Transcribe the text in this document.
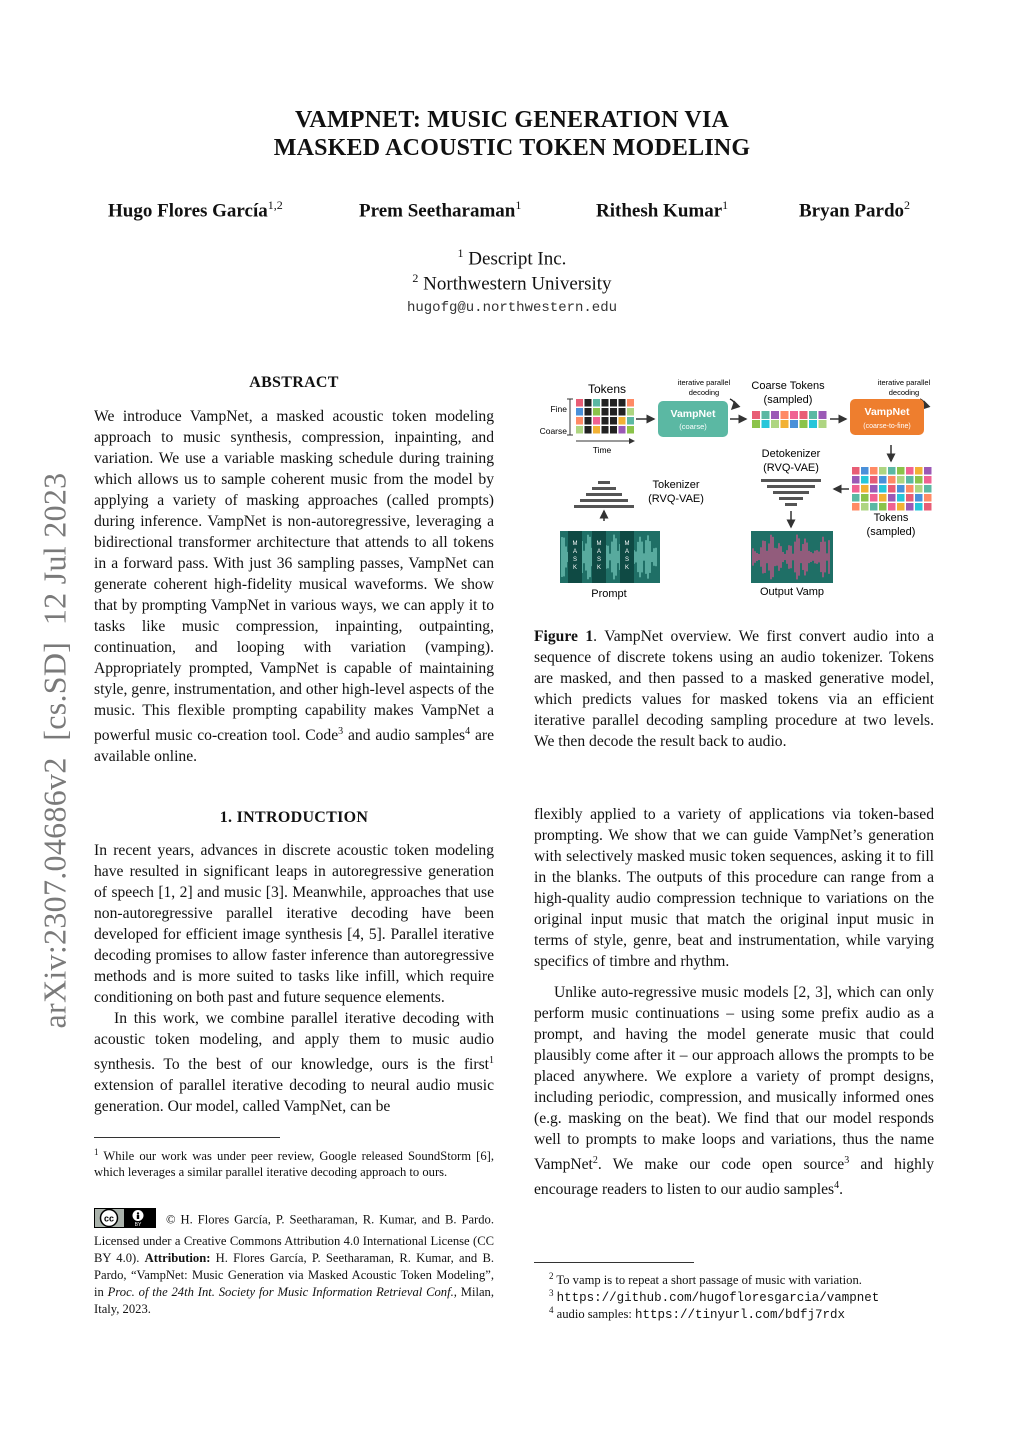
VAMPNET: MUSIC GENERATION VIA
MASKED ACOUSTIC TOKEN MODELING
Hugo Flores García$^{1,2}$	Prem Seetharaman$^1$	Rithesh Kumar$^1$	Bryan Pardo$^2$
$^1$ Descript Inc.
$^2$ Northwestern University
hugofg@u.northwestern.edu
arXiv:2307.04686v2  [cs.SD]  12 Jul 2023
ABSTRACT
We introduce VampNet, a masked acoustic token modeling approach to music synthesis, compression, inpainting, and variation. We use a variable masking schedule during training which allows us to sample coherent music from the model by applying a variety of masking approaches (called prompts) during inference. VampNet is non-autoregressive, leveraging a bidirectional transformer architecture that attends to all tokens in a forward pass. With just 36 sampling passes, VampNet can generate coherent high-fidelity musical waveforms. We show that by prompting VampNet in various ways, we can apply it to tasks like music compression, inpainting, outpainting, continuation, and looping with variation (vamping). Appropriately prompted, VampNet is capable of maintaining style, genre, instrumentation, and other high-level aspects of the music. This flexible prompting capability makes VampNet a powerful music co-creation tool. Code$^3$ and audio samples$^4$ are available online.
1. INTRODUCTION
In recent years, advances in discrete acoustic token modeling have resulted in significant leaps in autoregressive generation of speech [1, 2] and music [3]. Meanwhile, approaches that use non-autoregressive parallel iterative decoding have been developed for efficient image synthesis [4, 5]. Parallel iterative decoding promises to allow faster inference than autoregressive methods and is more suited to tasks like infill, which require conditioning on both past and future sequence elements.
In this work, we combine parallel iterative decoding with acoustic token modeling, and apply them to music audio synthesis. To the best of our knowledge, ours is the first$^1$ extension of parallel iterative decoding to neural audio music generation. Our model, called VampNet, can be
$^1$ While our work was under peer review, Google released SoundStorm [6], which leverages a similar parallel iterative decoding approach to ours.
cc
BY © H. Flores García, P. Seetharaman, R. Kumar, and B. Pardo. Licensed under a Creative Commons Attribution 4.0 International License (CC BY 4.0). Attribution: H. Flores García, P. Seetharaman, R. Kumar, and B. Pardo, “VampNet: Music Generation via Masked Acoustic Token Modeling”, in Proc. of the 24th Int. Society for Music Information Retrieval Conf., Milan, Italy, 2023.
Tokens
Fine
Coarse
Time
iterative parallel
decoding
VampNet
(coarse)
Coarse Tokens
(sampled)
iterative parallel
decoding
VampNet
(coarse-to-fine)
Tokens
(sampled)
Detokenizer
(RVQ-VAE)
Tokenizer
(RVQ-VAE)
M A S K
M A S K
M A S K
Prompt	Output Vamp
Figure 1. VampNet overview. We first convert audio into a sequence of discrete tokens using an audio tokenizer. Tokens are masked, and then passed to a masked generative model, which predicts values for masked tokens via an efficient iterative parallel decoding sampling procedure at two levels. We then decode the result back to audio.
flexibly applied to a variety of applications via token-based prompting. We show that we can guide VampNet’s generation with selectively masked music token sequences, asking it to fill in the blanks. The outputs of this procedure can range from a high-quality audio compression technique to variations on the original input music that match the original input music in terms of style, genre, beat and instrumentation, while varying specifics of timbre and rhythm.
Unlike auto-regressive music models [2, 3], which can only perform music continuations – using some prefix audio as a prompt, and having the model generate music that could plausibly come after it – our approach allows the prompts to be placed anywhere. We explore a variety of prompt designs, including periodic, compression, and musically informed ones (e.g. masking on the beat). We find that our model responds well to prompts to make loops and variations, thus the name VampNet$^2$. We make our code open source$^3$ and highly encourage readers to listen to our audio samples$^4$.
$^2$ To vamp is to repeat a short passage of music with variation.
$^3$ https://github.com/hugofloresgarcia/vampnet
$^4$ audio samples: https://tinyurl.com/bdfj7rdx
